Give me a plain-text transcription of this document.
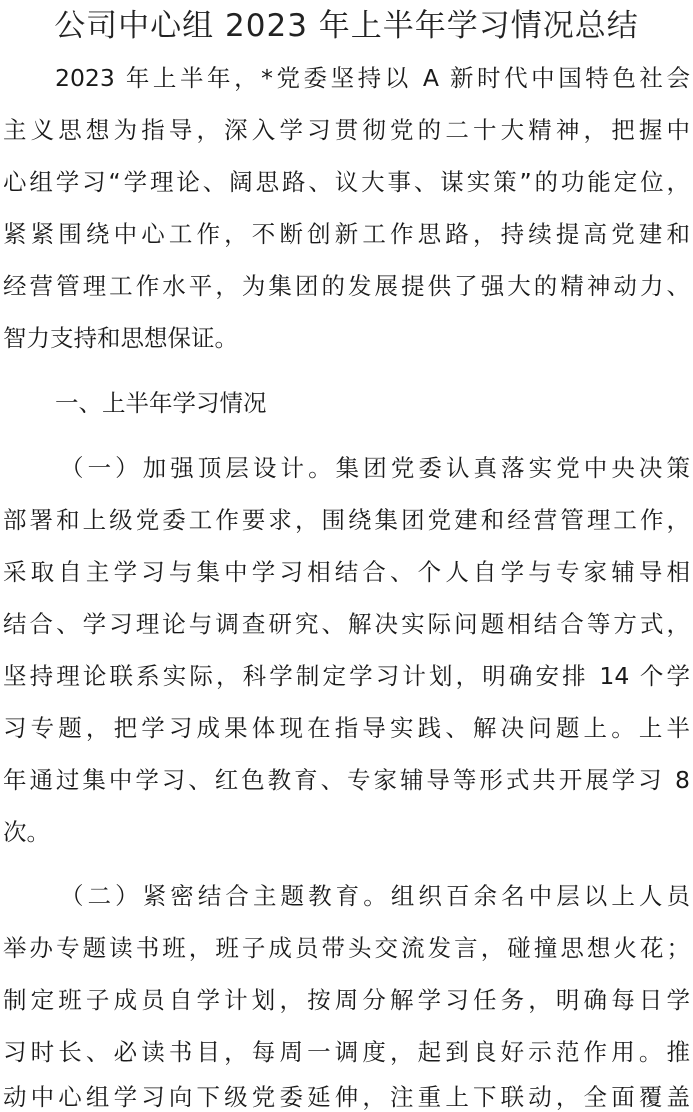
公司中心组 2023 年上半年学习情况总结
2023 年上半年，*党委坚持以 A 新时代中国特色社会
主义思想为指导，深入学习贯彻党的二十大精神，把握中
心组学习“学理论、阔思路、议大事、谋实策”的功能定位，
紧紧围绕中心工作，不断创新工作思路，持续提高党建和
经营管理工作水平，为集团的发展提供了强大的精神动力、
智力支持和思想保证。
一、上半年学习情况
（一）加强顶层设计。集团党委认真落实党中央决策
部署和上级党委工作要求，围绕集团党建和经营管理工作，
采取自主学习与集中学习相结合、个人自学与专家辅导相
结合、学习理论与调查研究、解决实际问题相结合等方式，
坚持理论联系实际，科学制定学习计划，明确安排 14 个学
习专题，把学习成果体现在指导实践、解决问题上。上半
年通过集中学习、红色教育、专家辅导等形式共开展学习 8
次。
（二）紧密结合主题教育。组织百余名中层以上人员
举办专题读书班，班子成员带头交流发言，碰撞思想火花；
制定班子成员自学计划，按周分解学习任务，明确每日学
习时长、必读书目，每周一调度，起到良好示范作用。推
动中心组学习向下级党委延伸，注重上下联动，全面覆盖
